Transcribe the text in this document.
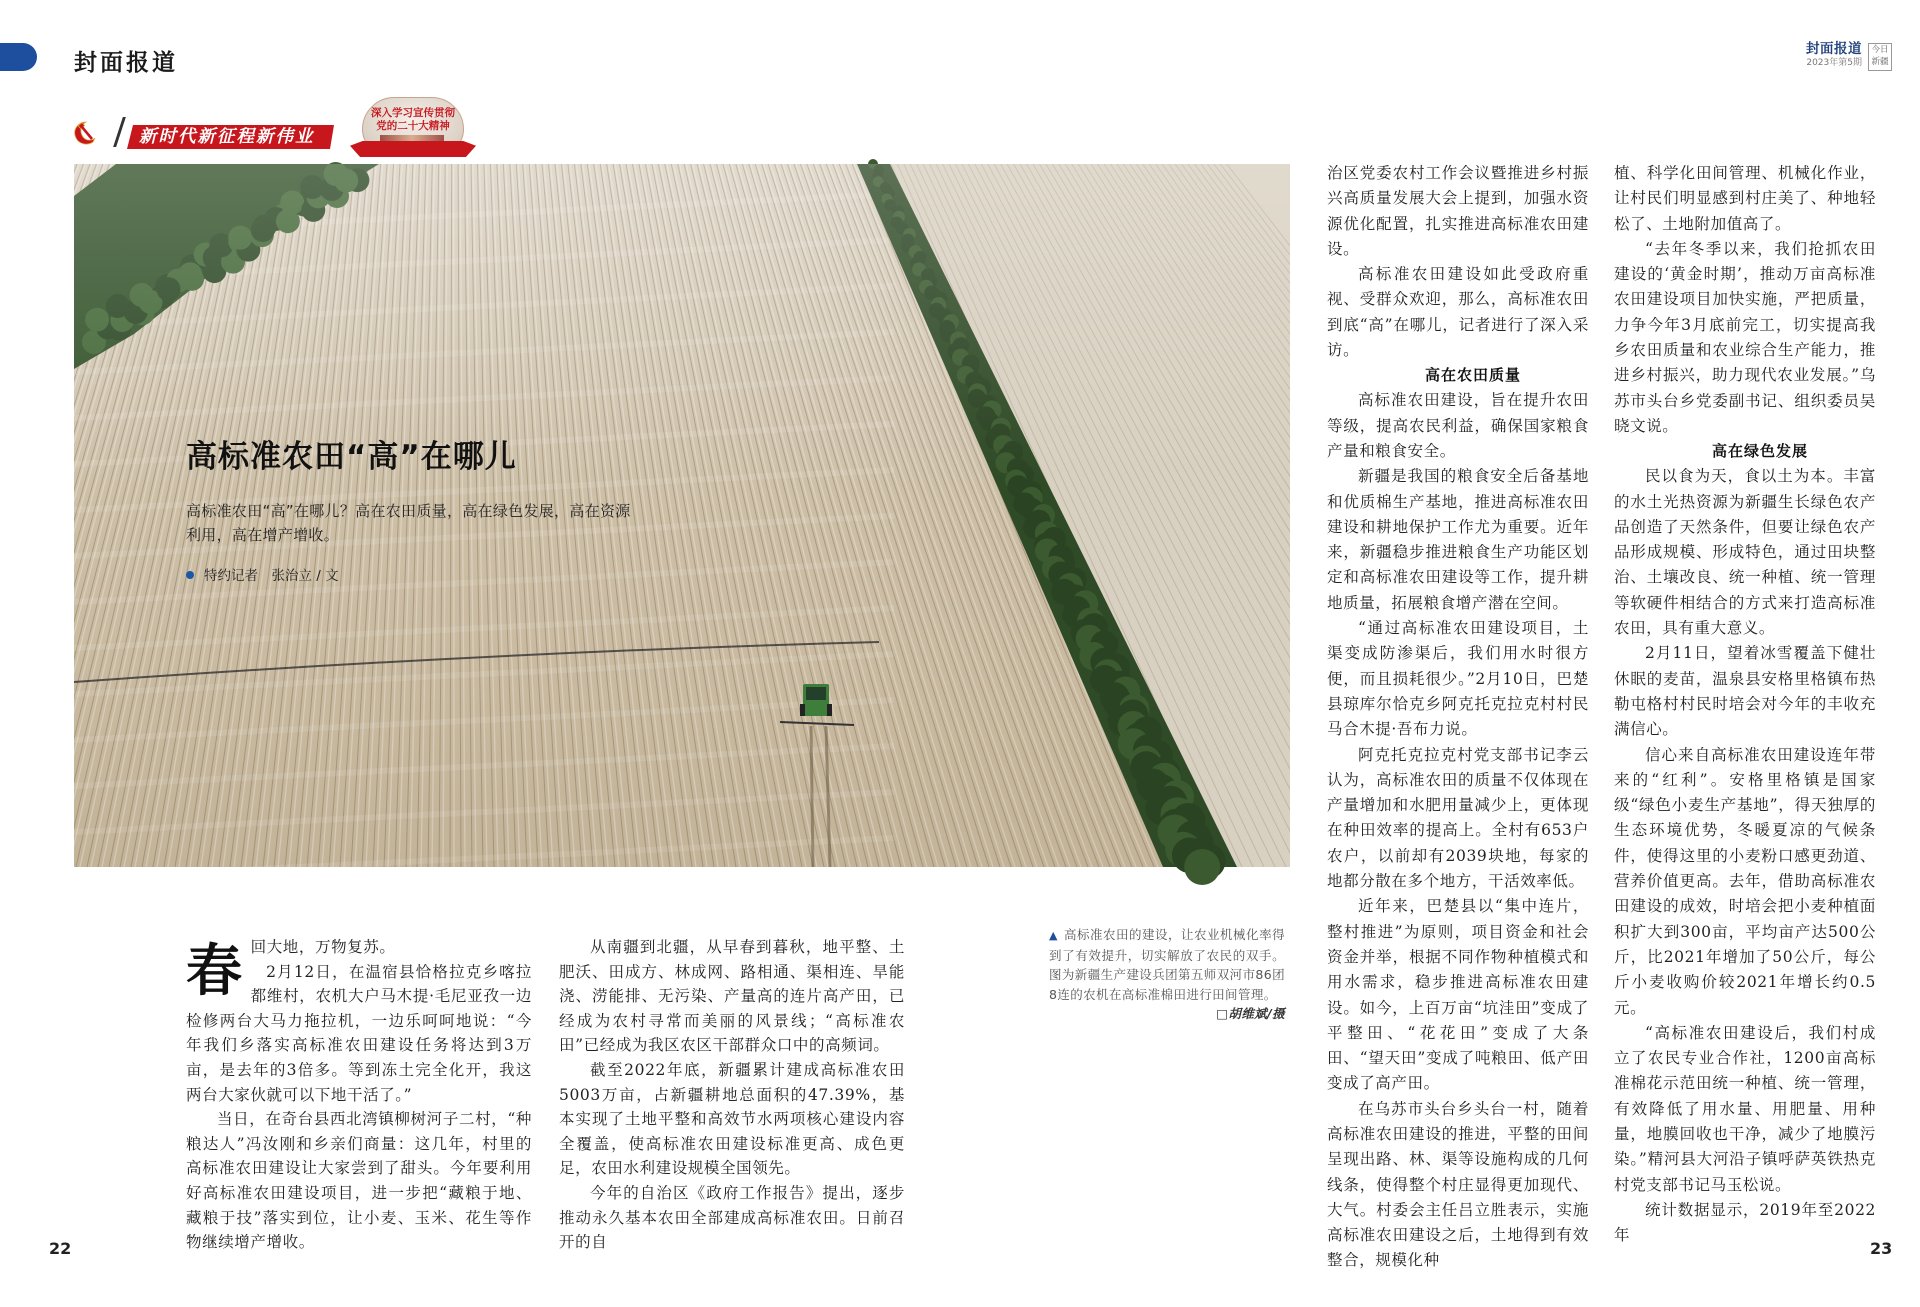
封面报道	封面报道
2023年第5期
今日
新疆
新时代新征程新伟业
深入学习宣传贯彻
党的二十大精神
高标准农田“高”在哪儿
高标准农田“高”在哪儿？高在农田质量，高在绿色发展，高在资源利用，高在增产增收。
特约记者　张治立 / 文

春回大地，万物复苏。

2月12日，在温宿县恰格拉克乡喀拉都维村，农机大户马木提·毛尼亚孜一边检修两台大马力拖拉机，一边乐呵呵地说：“今年我们乡落实高标准农田建设任务将达到3万亩，是去年的3倍多。等到冻土完全化开，我这两台大家伙就可以下地干活了。”

当日，在奇台县西北湾镇柳树河子二村，“种粮达人”冯汝刚和乡亲们商量：这几年，村里的高标准农田建设让大家尝到了甜头。今年要利用好高标准农田建设项目，进一步把“藏粮于地、藏粮于技”落实到位，让小麦、玉米、花生等作物继续增产增收。

从南疆到北疆，从早春到暮秋，地平整、土肥沃、田成方、林成网、路相通、渠相连、旱能浇、涝能排、无污染、产量高的连片高产田，已经成为农村寻常而美丽的风景线；“高标准农田”已经成为我区农区干部群众口中的高频词。

截至2022年底，新疆累计建成高标准农田5003万亩，占新疆耕地总面积的47.39%，基本实现了土地平整和高效节水两项核心建设内容全覆盖，使高标准农田建设标准更高、成色更足，农田水利建设规模全国领先。

今年的自治区《政府工作报告》提出，逐步推动永久基本农田全部建成高标准农田。日前召开的自

▲ 高标准农田的建设，让农业机械化率得到了有效提升，切实解放了农民的双手。图为新疆生产建设兵团第五师双河市86团8连的农机在高标准棉田进行田间管理。
□胡维斌/摄

治区党委农村工作会议暨推进乡村振兴高质量发展大会上提到，加强水资源优化配置，扎实推进高标准农田建设。

高标准农田建设如此受政府重视、受群众欢迎，那么，高标准农田到底“高”在哪儿，记者进行了深入采访。

高在农田质量

高标准农田建设，旨在提升农田等级，提高农民利益，确保国家粮食产量和粮食安全。

新疆是我国的粮食安全后备基地和优质棉生产基地，推进高标准农田建设和耕地保护工作尤为重要。近年来，新疆稳步推进粮食生产功能区划定和高标准农田建设等工作，提升耕地质量，拓展粮食增产潜在空间。

“通过高标准农田建设项目，土渠变成防渗渠后，我们用水时很方便，而且损耗很少。”2月10日，巴楚县琼库尔恰克乡阿克托克拉克村村民马合木提·吾布力说。

阿克托克拉克村党支部书记李云认为，高标准农田的质量不仅体现在产量增加和水肥用量减少上，更体现在种田效率的提高上。全村有653户农户，以前却有2039块地，每家的地都分散在多个地方，干活效率低。

近年来，巴楚县以“集中连片，整村推进”为原则，项目资金和社会资金并举，根据不同作物种植模式和用水需求，稳步推进高标准农田建设。如今，上百万亩“坑洼田”变成了平整田、“花花田”变成了大条田、“望天田”变成了吨粮田、低产田变成了高产田。

在乌苏市头台乡头台一村，随着高标准农田建设的推进，平整的田间呈现出路、林、渠等设施构成的几何线条，使得整个村庄显得更加现代、大气。村委会主任吕立胜表示，实施高标准农田建设之后，土地得到有效整合，规模化种

植、科学化田间管理、机械化作业，让村民们明显感到村庄美了、种地轻松了、土地附加值高了。

“去年冬季以来，我们抢抓农田建设的‘黄金时期’，推动万亩高标准农田建设项目加快实施，严把质量，力争今年3月底前完工，切实提高我乡农田质量和农业综合生产能力，推进乡村振兴，助力现代农业发展。”乌苏市头台乡党委副书记、组织委员吴晓文说。

高在绿色发展

民以食为天，食以土为本。丰富的水土光热资源为新疆生长绿色农产品创造了天然条件，但要让绿色农产品形成规模、形成特色，通过田块整治、土壤改良、统一种植、统一管理等软硬件相结合的方式来打造高标准农田，具有重大意义。

2月11日，望着冰雪覆盖下健壮休眠的麦苗，温泉县安格里格镇布热勒屯格村村民时培会对今年的丰收充满信心。

信心来自高标准农田建设连年带来的“红利”。安格里格镇是国家级“绿色小麦生产基地”，得天独厚的生态环境优势，冬暖夏凉的气候条件，使得这里的小麦粉口感更劲道、营养价值更高。去年，借助高标准农田建设的成效，时培会把小麦种植面积扩大到300亩，平均亩产达500公斤，比2021年增加了50公斤，每公斤小麦收购价较2021年增长约0.5元。

“高标准农田建设后，我们村成立了农民专业合作社，1200亩高标准棉花示范田统一种植、统一管理，有效降低了用水量、用肥量、用种量，地膜回收也干净，减少了地膜污染。”精河县大河沿子镇呼萨英铁热克村党支部书记马玉松说。

统计数据显示，2019年至2022年

22	23
